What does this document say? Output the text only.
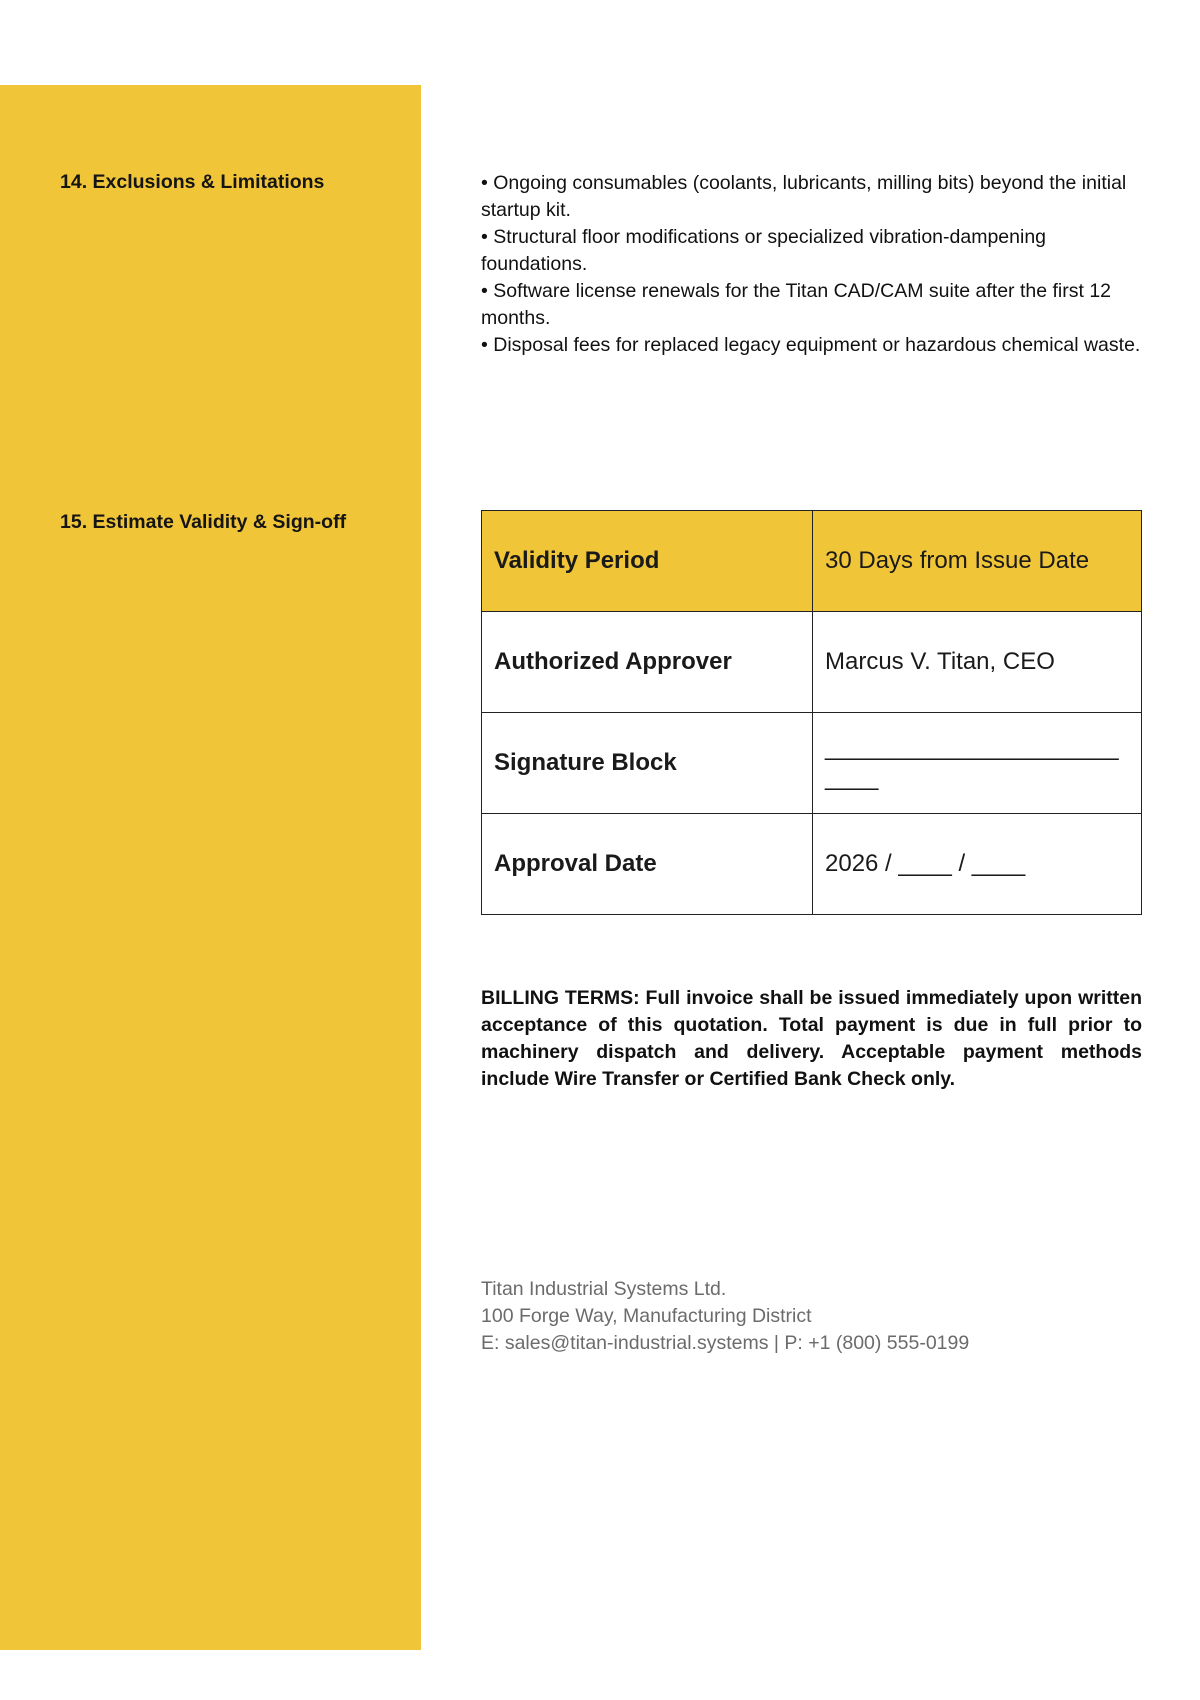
14. Exclusions & Limitations	• Ongoing consumables (coolants, lubricants, milling bits) beyond the initial startup kit.
• Structural floor modifications or specialized vibration-dampening foundations.
• Software license renewals for the Titan CAD/CAM suite after the first 12 months.
• Disposal fees for replaced legacy equipment or hazardous chemical waste.
15. Estimate Validity & Sign-off
Validity Period	30 Days from Issue Date
Authorized Approver	Marcus V. Titan, CEO
Signature Block	__________________________
Approval Date	2026 / ____ / ____

BILLING TERMS: Full invoice shall be issued immediately upon written acceptance of this quotation. Total payment is due in full prior to machinery dispatch and delivery. Acceptable payment methods include Wire Transfer or Certified Bank Check only.

Titan Industrial Systems Ltd.
100 Forge Way, Manufacturing District
E: sales@titan-industrial.systems | P: +1 (800) 555-0199
